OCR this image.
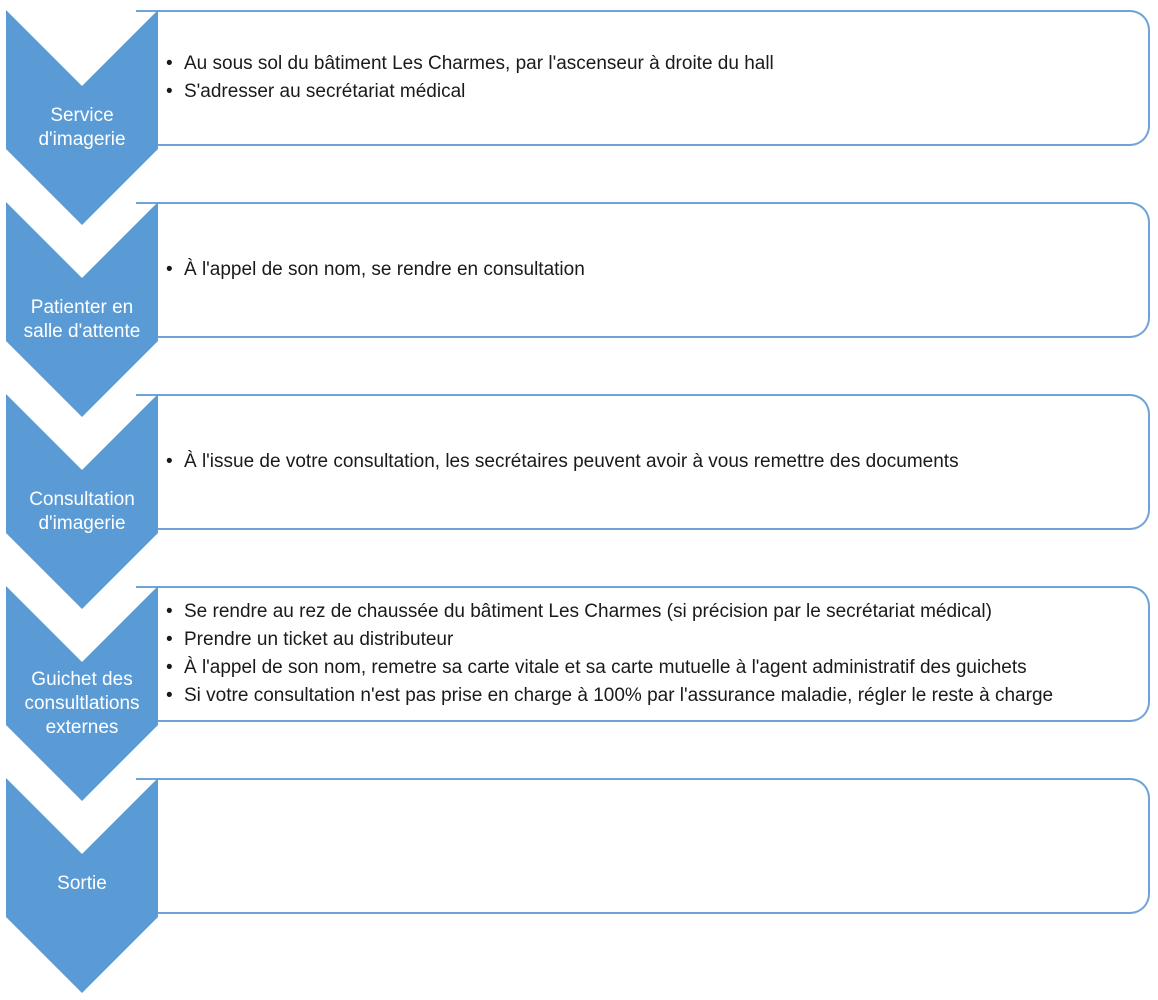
• Au sous sol du bâtiment Les Charmes, par l'ascenseur à droite du hall
• S'adresser au secrétariat médical
Service
d'imagerie
• À l'appel de son nom, se rendre en consultation
Patienter en
salle d'attente
• À l'issue de votre consultation, les secrétaires peuvent avoir à vous remettre des documents
Consultation
d'imagerie
• Se rendre au rez de chaussée du bâtiment Les Charmes (si précision par le secrétariat médical)
• Prendre un ticket au distributeur
• À l'appel de son nom, remetre sa carte vitale et sa carte mutuelle à l'agent administratif des guichets
• Si votre consultation n'est pas prise en charge à 100% par l'assurance maladie, régler le reste à charge
Guichet des
consultlations
externes
Sortie
